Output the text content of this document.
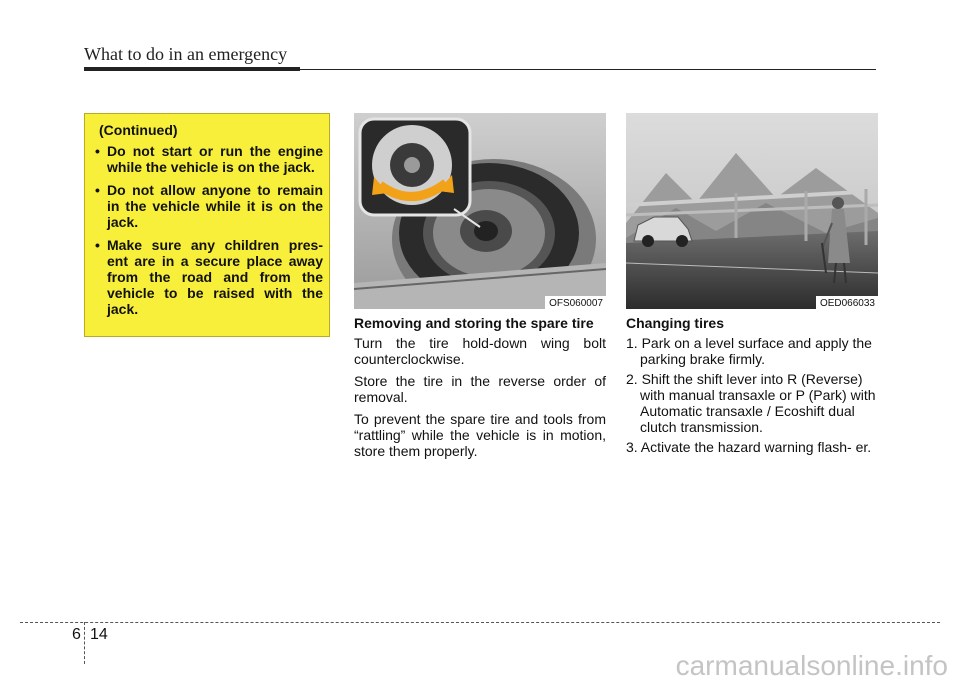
What to do in an emergency
(Continued)
• Do not start or run the engine while the vehicle is on the jack.
• Do not allow anyone to remain in the vehicle while it is on the jack.
• Make sure any children pres- ent are in a secure place away from the road and from the vehicle to be raised with the jack.	OFS060007	OED066033

Removing and storing the spare tire

Turn the tire hold-down wing bolt counterclockwise.

Store the tire in the reverse order of removal.

To prevent the spare tire and tools from “rattling” while the vehicle is in motion, store them properly.

Changing tires

1. Park on a level surface and apply the parking brake firmly.
2. Shift the shift lever into R (Reverse) with manual transaxle or P (Park) with Automatic transaxle / Ecoshift dual clutch transmission.
3. Activate the hazard warning flash- er.
6 14
carmanualsonline.info
